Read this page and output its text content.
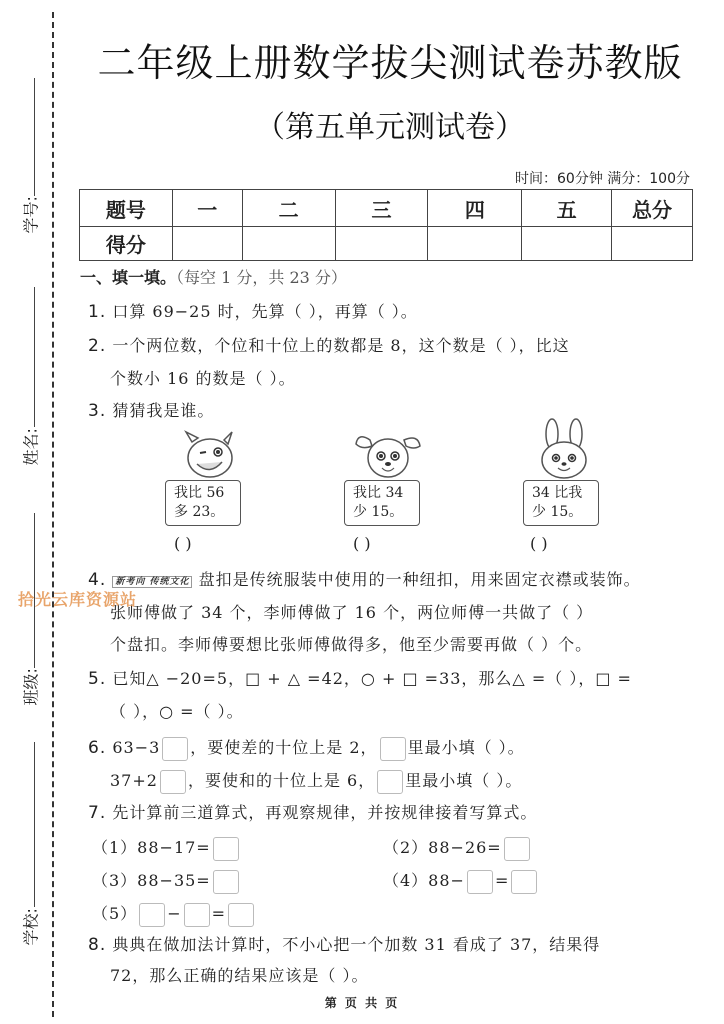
学号:
姓名:
班级:
学校:
二年级上册数学拔尖测试卷苏教版
（第五单元测试卷）
时间：60分钟 满分：100分
题号	一	二	三	四	五	总分
得分						
一、填一填。（每空 1 分，共 23 分）
1. 口算 69−25 时，先算（ ），再算（ ）。
2. 一个两位数，个位和十位上的数都是 8，这个数是（ ），比这
个数小 16 的数是（ ）。
3. 猜猜我是谁。
我比 56
多 23。
( )
我比 34
少 15。
( )
34 比我
少 15。
( )
4. 新考向 传统文化 盘扣是传统服装中使用的一种纽扣，用来固定衣襟或装饰。
张师傅做了 34 个，李师傅做了 16 个，两位师傅一共做了（ ）
个盘扣。李师傅要想比张师傅做得多，他至少需要再做（ ）个。
拾光云库资源站
5. 已知△ −20=5，□ + △ =42，○ + □ =33，那么△ =（ ），□ =
（ ），○ =（ ）。
6. 63−3 ，要使差的十位上是 2， 里最小填（ ）。
37+2 ，要使和的十位上是 6， 里最小填（ ）。
7. 先计算前三道算式，再观察规律，并按规律接着写算式。
（1）88−17=	（2）88−26=
（3）88−35=	（4）88− =
（5） − =
8. 典典在做加法计算时，不小心把一个加数 31 看成了 37，结果得
72，那么正确的结果应该是（ ）。
第 页 共 页
